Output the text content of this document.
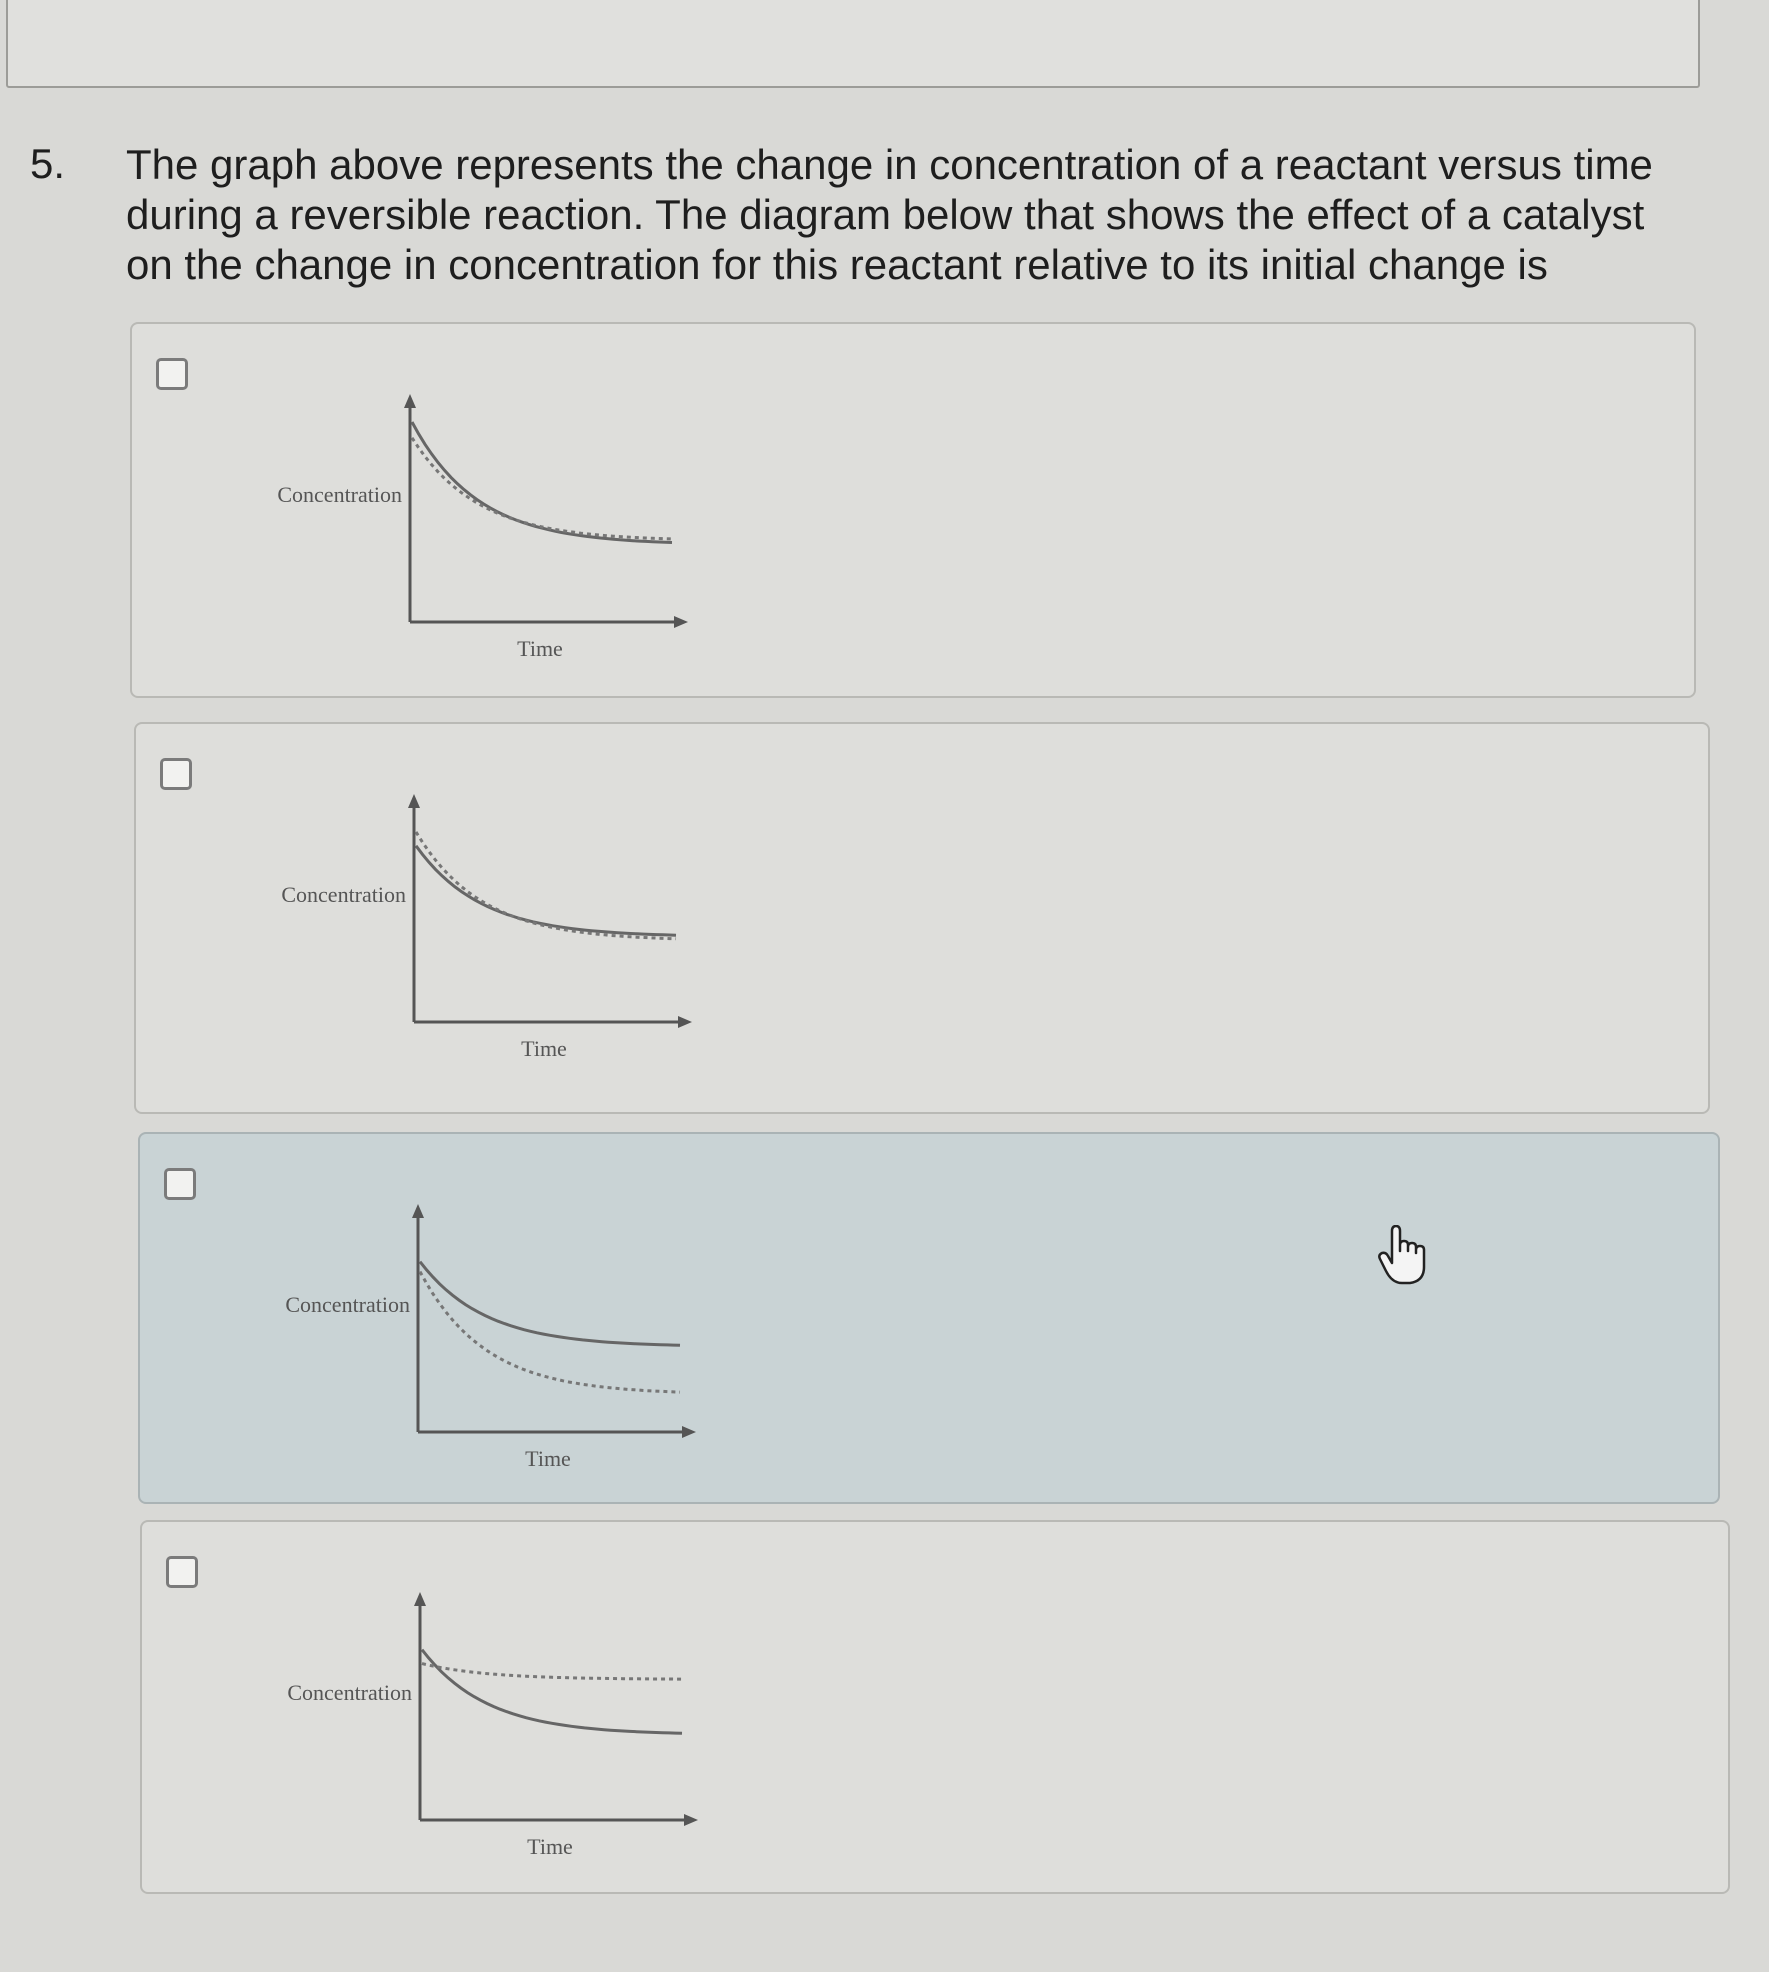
5. The graph above represents the change in concentration of a reactant versus time during a reversible reaction. The diagram below that shows the effect of a catalyst on the change in concentration for this reactant relative to its initial change is
Concentration
Time
Concentration
Time
Concentration
Time
Concentration
Time
